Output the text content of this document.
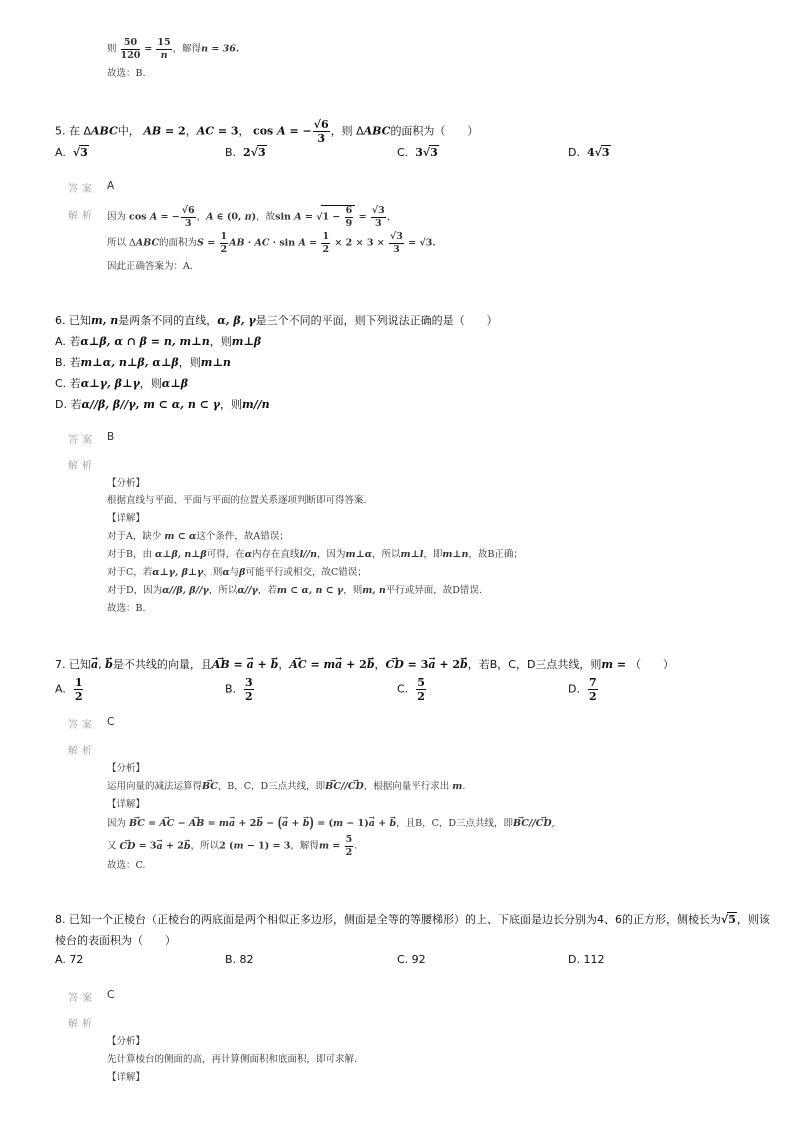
则 $\frac{50}{120} = \frac{15}{n}$ ，解得n = 36.
故选：B.
5. 在 ΔABC中， AB = 2，AC = 3， cos A = − $\frac{√6}{3}$ ，则 ΔABC的面积为（　　）
A. √3	B. 2√3	C. 3√3	D. 4√3
答案 A
解析 因为 cos A = − $\frac{√6}{3}$ ，A ∈ (0, π)，故$\sin A = √1 - \frac{6}{9} = \frac{√3}{3}$ ，
所以 ΔABC的面积为$S = \frac{1}{2}$ AB · AC · $\sin A = \frac{1}{2} \times 2 \times 3 \times \frac{√3}{3} = √3$.
因此正确答案为：A.
6. 已知m, n是两条不同的直线，α, β, γ是三个不同的平面，则下列说法正确的是（　　）
A. 若α⊥β, α ∩ β = n, m⊥n，则m⊥β
B. 若m⊥α, n⊥β, α⊥β，则m⊥n
C. 若α⊥γ, β⊥γ，则α⊥β
D. 若α//β, β//γ, m ⊂ α, n ⊂ γ，则m//n
答案 B
解析
【分析】
根据直线与平面、平面与平面的位置关系逐项判断即可得答案.
【详解】
对于A，缺少 m ⊂ α这个条件，故A错误；
对于B，由 α⊥β, n⊥β可得，在α内存在直线l//n，因为m⊥α，所以m⊥l，即m⊥n，故B正确；
对于C，若α⊥γ, β⊥γ，则α与β可能平行或相交，故C错误；
对于D，因为α//β, β//γ，所以α//γ，若m ⊂ α, n ⊂ γ，则m, n平行或异面，故D错误.
故选：B.
7. 已知→ a, → b是不共线的向量，且→ AB = → a + → b，→ AC = m→ a + 2→ b，→ CD = 3→ a + 2→ b，若B，C，D三点共线，则m = （　　）
A. $\frac{1}{2}$	B. $\frac{3}{2}$	C. $\frac{5}{2}$	D. $\frac{7}{2}$
答案 C
解析
【分析】
运用向量的减法运算得→ BC，B，C，D三点共线，即→ BC//→ CD，根据向量平行求出 m.
【详解】
因为 → BC = → AC − → AB = m→ a + 2→ b − (→ a + → b) = (m − 1)→ a + → b，且B，C，D三点共线，即→ BC//→ CD,
又 → CD = 3→ a + 2→ b，所以2 (m − 1) = 3，解得$m = \frac{5}{2}$ .
故选：C.
8. 已知一个正棱台（正棱台的两底面是两个相似正多边形，侧面是全等的等腰梯形）的上、下底面是边长分别为4、6的正方形，侧棱长为√5，则该
棱台的表面积为（　　）
A. 72	B. 82	C. 92	D. 112
答案 C
解析
【分析】
先计算棱台的侧面的高，再计算侧面积和底面积，即可求解.
【详解】
